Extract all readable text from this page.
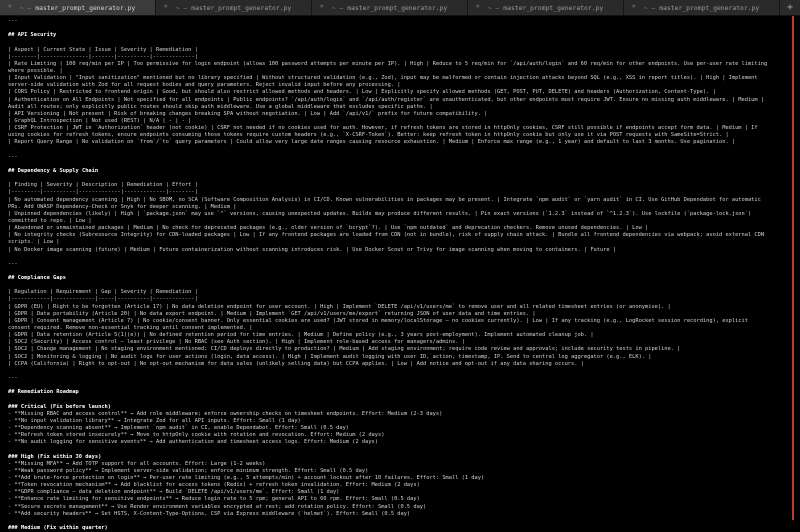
× ~ — master_prompt_generator.py	× ~ — master_prompt_generator.py	× ~ — master_prompt_generator.py	× ~ — master_prompt_generator.py	× ~ — master_prompt_generator.py	+
---
## API Security
| Aspect | Current State | Issue | Severity | Remediation |
|--------|---------------|-------|----------|-------------|
| Rate Limiting | 100 req/min per IP | Too permissive for login endpoint (allows 100 password attempts per minute per IP). | High | Reduce to 5 req/min for `/api/auth/login` and 60 req/min for other endpoints. Use per-user rate limiting
where possible. |
| Input Validation | "Input sanitization" mentioned but no library specified | Without structured validation (e.g., Zod), input may be malformed or contain injection attacks beyond SQL (e.g., XSS in report titles). | High | Implement
server-side validation with Zod for all request bodies and query parameters. Reject invalid input before any processing. |
| CORS Policy | Restricted to frontend origin | Good, but should also restrict allowed methods and headers. | Low | Explicitly specify allowed methods (GET, POST, PUT, DELETE) and headers (Authorization, Content-Type). |
| Authentication on All Endpoints | Not specified for all endpoints | Public endpoints? `/api/auth/login` and `/api/auth/register` are unauthenticated, but other endpoints must require JWT. Ensure no missing auth middleware. | Medium |
Audit all routes; only explicitly public routes should skip auth middleware. Use a global middleware that excludes specific paths. |
| API Versioning | Not present | Risk of breaking changes breaking SPA without negotiation. | Low | Add `/api/v1/` prefix for future compatibility. |
| GraphQL Introspection | Not used (REST) | N/A | - | - |
| CSRF Protection | JWT in `Authorization` header (not cookie) | CSRF not needed if no cookies used for auth. However, if refresh tokens are stored in httpOnly cookies, CSRF still possible if endpoints accept form data. | Medium | If
using cookies for refresh tokens, ensure endpoints consuming those tokens require custom headers (e.g., `X-CSRF-Token`). Better: keep refresh token in httpOnly cookie but only use it via POST requests with SameSite=Strict. |
| Report Query Range | No validation on `from`/`to` query parameters | Could allow very large date ranges causing resource exhaustion. | Medium | Enforce max range (e.g., 1 year) and default to last 3 months. Use pagination. |
---
## Dependency & Supply Chain
| Finding | Severity | Description | Remediation | Effort |
|---------|----------|-------------|-------------|--------|
| No automated dependency scanning | High | No SBOM, no SCA (Software Composition Analysis) in CI/CD. Known vulnerabilities in packages may be present. | Integrate `npm audit` or `yarn audit` in CI. Use GitHub Dependabot for automatic
PRs. Add OWASP Dependency-Check or Snyk for deeper scanning. | Medium |
| Unpinned dependencies (likely) | High | `package.json` may use `^` versions, causing unexpected updates. Builds may produce different results. | Pin exact versions (`1.2.3` instead of `^1.2.3`). Use lockfile (`package-lock.json`)
committed to repo. | Low |
| Abandoned or unmaintained packages | Medium | No check for deprecated packages (e.g., older version of `bcrypt`?). | Use `npm outdated` and deprecation checkers. Remove unused dependencies. | Low |
| No integrity checks (Subresource Integrity) for CDN-loaded packages | Low | If any frontend packages are loaded from CDN (not in bundle), risk of supply chain attack. | Bundle all frontend dependencies via webpack; avoid external CDN
scripts. | Low |
| No Docker image scanning (future) | Medium | Future containerization without scanning introduces risk. | Use Docker Scout or Trivy for image scanning when moving to containers. | Future |
---
## Compliance Gaps
| Regulation | Requirement | Gap | Severity | Remediation |
|------------|-------------|-----|----------|-------------|
| GDPR (EU) | Right to be forgotten (Article 17) | No data deletion endpoint for user account. | High | Implement `DELETE /api/v1/users/me` to remove user and all related timesheet entries (or anonymise). |
| GDPR | Data portability (Article 20) | No data export endpoint. | Medium | Implement `GET /api/v1/users/me/export` returning JSON of user data and time entries. |
| GDPR | Consent management (Article 7) | No cookie/consent banner. Only essential cookies are used? (JWT stored in memory/localStorage – no cookies currently). | Low | If any tracking (e.g., LogRocket session recording), explicit
consent required. Remove non-essential tracking until consent implemented. |
| GDPR | Data retention (Article 5(1)(e)) | No defined retention period for time entries. | Medium | Define policy (e.g., 3 years post-employment). Implement automated cleanup job. |
| SOC2 (Security) | Access control – least privilege | No RBAC (see Auth section). | High | Implement role-based access for managers/admins. |
| SOC2 | Change management | No staging environment mentioned; CI/CD deploys directly to production? | Medium | Add staging environment; require code review and approvals; include security tests in pipeline. |
| SOC2 | Monitoring & logging | No audit logs for user actions (login, data access). | High | Implement audit logging with user ID, action, timestamp, IP. Send to central log aggregator (e.g., ELK). |
| CCPA (California) | Right to opt-out | No opt-out mechanism for data sales (unlikely selling data) but CCPA applies. | Low | Add notice and opt-out if any data sharing occurs. |
---
## Remediation Roadmap
### Critical (Fix before launch)
- **Missing RBAC and access control** → Add role middleware; enforce ownership checks on timesheet endpoints. Effort: Medium (2-3 days)
- **No input validation library** → Integrate Zod for all API inputs. Effort: Small (1 day)
- **Dependency scanning absent** → Implement `npm audit` in CI, enable Dependabot. Effort: Small (0.5 day)
- **Refresh token stored insecurely** → Move to httpOnly cookie with rotation and revocation. Effort: Medium (2 days)
- **No audit logging for sensitive events** → Add authentication and timesheet access logs. Effort: Medium (2 days)
### High (Fix within 30 days)
- **Missing MFA** → Add TOTP support for all accounts. Effort: Large (1-2 weeks)
- **Weak password policy** → Implement server-side validation; enforce minimum strength. Effort: Small (0.5 day)
- **Add brute-force protection on login** → Per-user rate limiting (e.g., 5 attempts/min) + account lockout after 10 failures. Effort: Small (1 day)
- **Token revocation mechanism** → Add blacklist for access tokens (Redis) + refresh token invalidation. Effort: Medium (2 days)
- **GDPR compliance – data deletion endpoint** → Build `DELETE /api/v1/users/me`. Effort: Small (1 day)
- **Enhance rate limiting for sensitive endpoints** → Reduce login rate to 5 rpm; general API to 60 rpm. Effort: Small (0.5 day)
- **Secure secrets management** → Use Render environment variables encrypted at rest; add rotation policy. Effort: Small (0.5 day)
- **Add security headers** → Set HSTS, X-Content-Type-Options, CSP via Express middleware (`helmet`). Effort: Small (0.5 day)
### Medium (Fix within quarter)
